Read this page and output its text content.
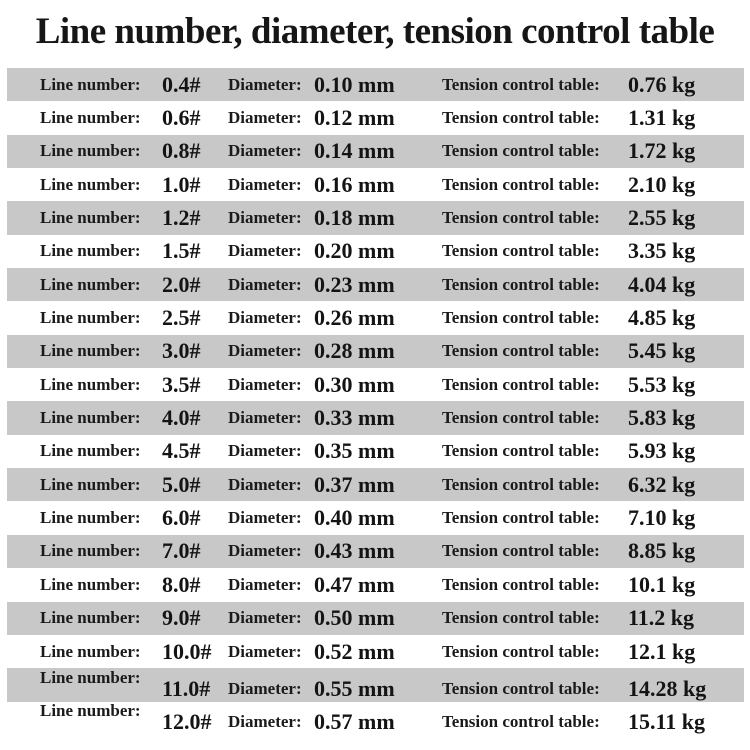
Line number, diameter, tension control table
Line number: 0.4#	Diameter: 0.10 mm	Tension control table:	0.76 kg
Line number: 0.6#	Diameter: 0.12 mm	Tension control table:	1.31 kg
Line number: 0.8#	Diameter: 0.14 mm	Tension control table:	1.72 kg
Line number: 1.0#	Diameter: 0.16 mm	Tension control table:	2.10 kg
Line number: 1.2#	Diameter: 0.18 mm	Tension control table:	2.55 kg
Line number: 1.5#	Diameter: 0.20 mm	Tension control table:	3.35 kg
Line number: 2.0#	Diameter: 0.23 mm	Tension control table:	4.04 kg
Line number: 2.5#	Diameter: 0.26 mm	Tension control table:	4.85 kg
Line number: 3.0#	Diameter: 0.28 mm	Tension control table:	5.45 kg
Line number: 3.5#	Diameter: 0.30 mm	Tension control table:	5.53 kg
Line number: 4.0#	Diameter: 0.33 mm	Tension control table:	5.83 kg
Line number: 4.5#	Diameter: 0.35 mm	Tension control table:	5.93 kg
Line number: 5.0#	Diameter: 0.37 mm	Tension control table:	6.32 kg
Line number: 6.0#	Diameter: 0.40 mm	Tension control table:	7.10 kg
Line number: 7.0#	Diameter: 0.43 mm	Tension control table:	8.85 kg
Line number: 8.0#	Diameter: 0.47 mm	Tension control table:	10.1 kg
Line number: 9.0#	Diameter: 0.50 mm	Tension control table:	11.2 kg
Line number: 10.0# Diameter: 0.52 mm	Tension control table:	12.1 kg
Line number: 11.0#	Diameter: 0.55 mm	Tension control table:	14.28 kg
Line number: 12.0# Diameter: 0.57 mm	Tension control table:	15.11 kg
